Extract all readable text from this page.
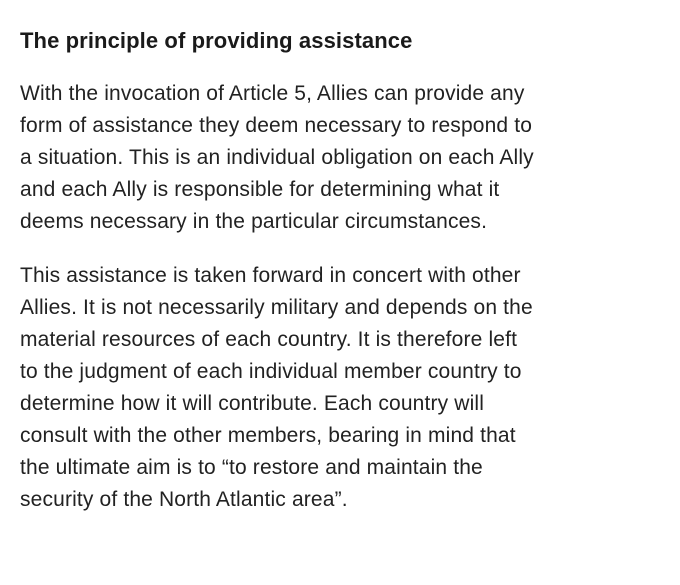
The principle of providing assistance
With the invocation of Article 5, Allies can provide any
form of assistance they deem necessary to respond to
a situation. This is an individual obligation on each Ally
and each Ally is responsible for determining what it
deems necessary in the particular circumstances.
This assistance is taken forward in concert with other
Allies. It is not necessarily military and depends on the
material resources of each country. It is therefore left
to the judgment of each individual member country to
determine how it will contribute. Each country will
consult with the other members, bearing in mind that
the ultimate aim is to “to restore and maintain the
security of the North Atlantic area”.
